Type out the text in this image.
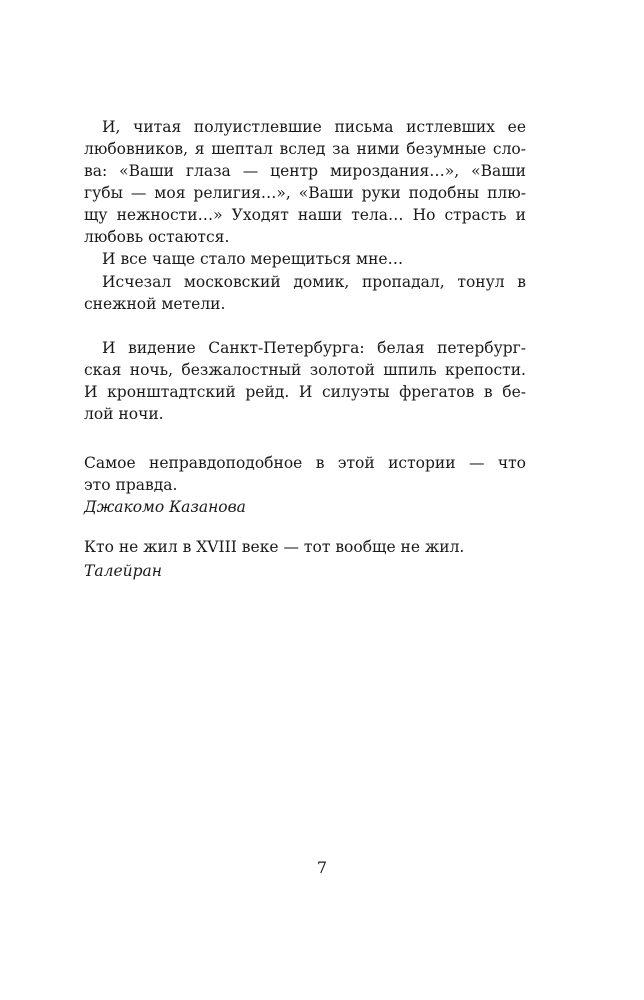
И, читая полуистлевшие письма истлевших ее
любовников, я шептал вслед за ними безумные сло-
ва: «Ваши глаза — центр мироздания…», «Ваши
губы — моя религия…», «Ваши руки подобны плю-
щу нежности…» Уходят наши тела… Но страсть и
любовь остаются.
И все чаще стало мерещиться мне…
Исчезал московский домик, пропадал, тонул в
снежной метели.
И видение Санкт-Петербурга: белая петербург-
ская ночь, безжалостный золотой шпиль крепости.
И кронштадтский рейд. И силуэты фрегатов в бе-
лой ночи.
Самое неправдоподобное в этой истории — что
это правда.
Джакомо Казанова
Кто не жил в XVIII веке — тот вообще не жил.
Талейран
7
